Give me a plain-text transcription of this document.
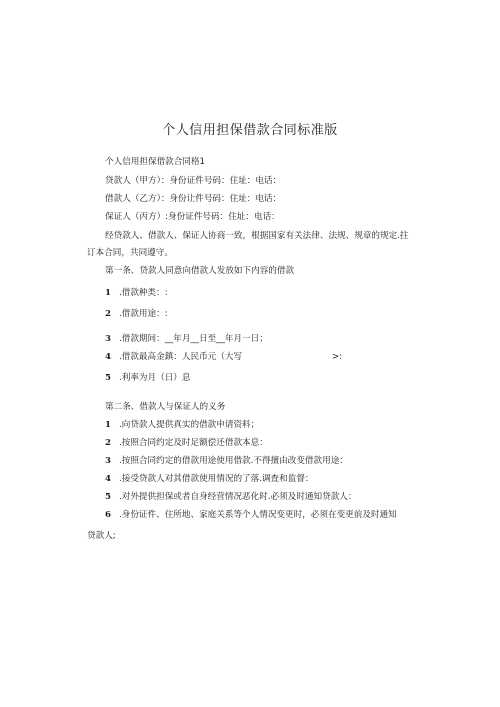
个人信用担保借款合同标准版
个人信用担保借款合同格1
贷款人（甲方）：身份证件号码：住址：电话：
借款人（乙方）：身份让件号码：住址：电话：
保证人（丙方）:身份证件号码：住址：电话：
经贷款人、借款人、保证人协商一致，根据国家有关法律、法规、规章的规定.拄
订本合同，共同遵守。
第一条、贷款人同意向借款人发放如下内容的借款
1 .借款种类：:
2 .借款用途：:
3 .借款期间：__年月__日至__年月一日；
4 .借款最高金鎮：人民币元（大写	>:
5 .利率为月（日）息
第二条、借款人与保证人的义务
1 .向贷款人提供真实的借款申请资料；
2 .按照合同约定及时足额偿还借款本息：
3 .按照合同约定的借款用途使用借款.不得擅由改变借款用途：
4 .接受贷款人对其借款使用情况的了落.调査和监督：
5 .对外提供担保或者自身经营情况恶化时.必须及时通知贷款人：
6 .身份证件、住所地、家庭关系等个人情况变更时，必须在变更前及时通知
贷款人;
